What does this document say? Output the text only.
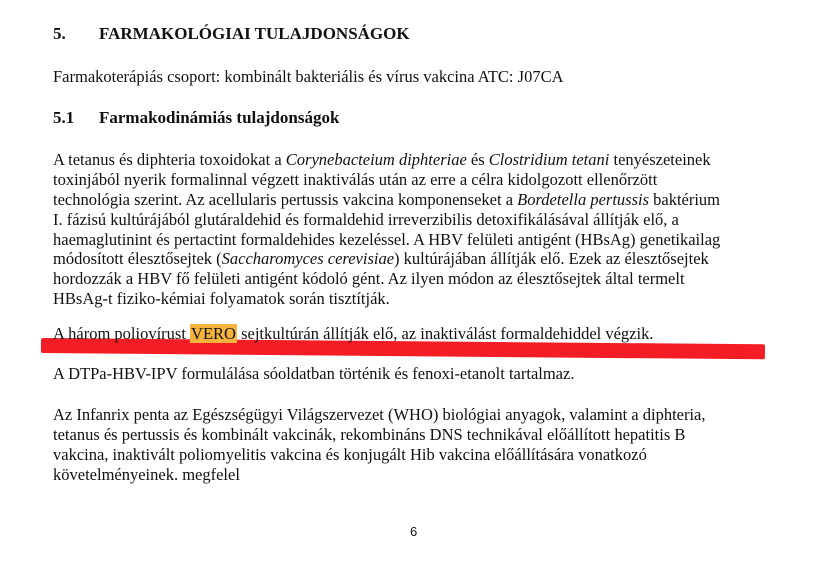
5. FARMAKOLÓGIAI TULAJDONSÁGOK
Farmakoterápiás csoport: kombinált bakteriális és vírus vakcina ATC: J07CA
5.1 Farmakodinámiás tulajdonságok
A tetanus és diphteria toxoidokat a Corynebacteium diphteriae és Clostridium tetani tenyészeteinek
toxinjából nyerik formalinnal végzett inaktiválás után az erre a célra kidolgozott ellenőrzött
technológia szerint. Az acellularis pertussis vakcina komponenseket a Bordetella pertussis baktérium
I. fázisú kultúrájából glutáraldehid és formaldehid irreverzibilis detoxifikálásával állítják elő, a
haemaglutinint és pertactint formaldehides kezeléssel. A HBV felületi antigént (HBsAg) genetikailag
módosított élesztősejtek (Saccharomyces cerevisiae) kultúrájában állítják elő. Ezek az élesztősejtek
hordozzák a HBV fő felületi antigént kódoló gént. Az ilyen módon az élesztősejtek által termelt
HBsAg-t fiziko-kémiai folyamatok során tisztítják.
A három poliovírust VERO sejtkultúrán állítják elő, az inaktiválást formaldehiddel végzik.
A DTPa-HBV-IPV formulálása sóoldatban történik és fenoxi-etanolt tartalmaz.
Az Infanrix penta az Egészségügyi Világszervezet (WHO) biológiai anyagok, valamint a diphteria,
tetanus és pertussis és kombinált vakcinák, rekombináns DNS technikával előállított hepatitis B
vakcina, inaktivált poliomyelitis vakcina és konjugált Hib vakcina előállítására vonatkozó
követelményeinek. megfelel
6
